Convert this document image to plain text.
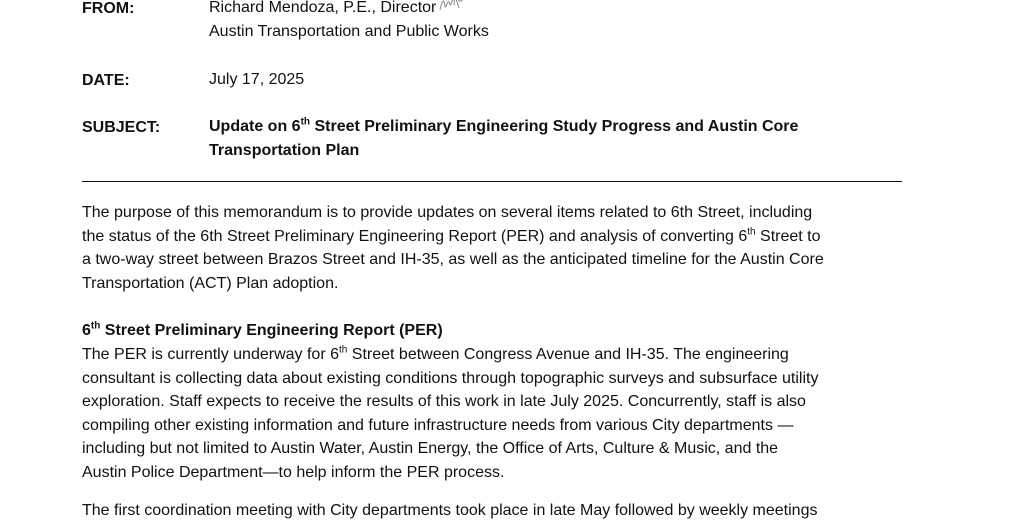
FROM:	Richard Mendoza, P.E., Director
Austin Transportation and Public Works
DATE:	July 17, 2025
SUBJECT:	Update on 6th Street Preliminary Engineering Study Progress and Austin Core
Transportation Plan

The purpose of this memorandum is to provide updates on several items related to 6th Street, including
the status of the 6th Street Preliminary Engineering Report (PER) and analysis of converting 6th Street to
a two-way street between Brazos Street and IH-35, as well as the anticipated timeline for the Austin Core
Transportation (ACT) Plan adoption.

6th Street Preliminary Engineering Report (PER)

The PER is currently underway for 6th Street between Congress Avenue and IH-35. The engineering
consultant is collecting data about existing conditions through topographic surveys and subsurface utility
exploration. Staff expects to receive the results of this work in late July 2025. Concurrently, staff is also
compiling other existing information and future infrastructure needs from various City departments —
including but not limited to Austin Water, Austin Energy, the Office of Arts, Culture & Music, and the
Austin Police Department—to help inform the PER process.

The first coordination meeting with City departments took place in late May followed by weekly meetings
